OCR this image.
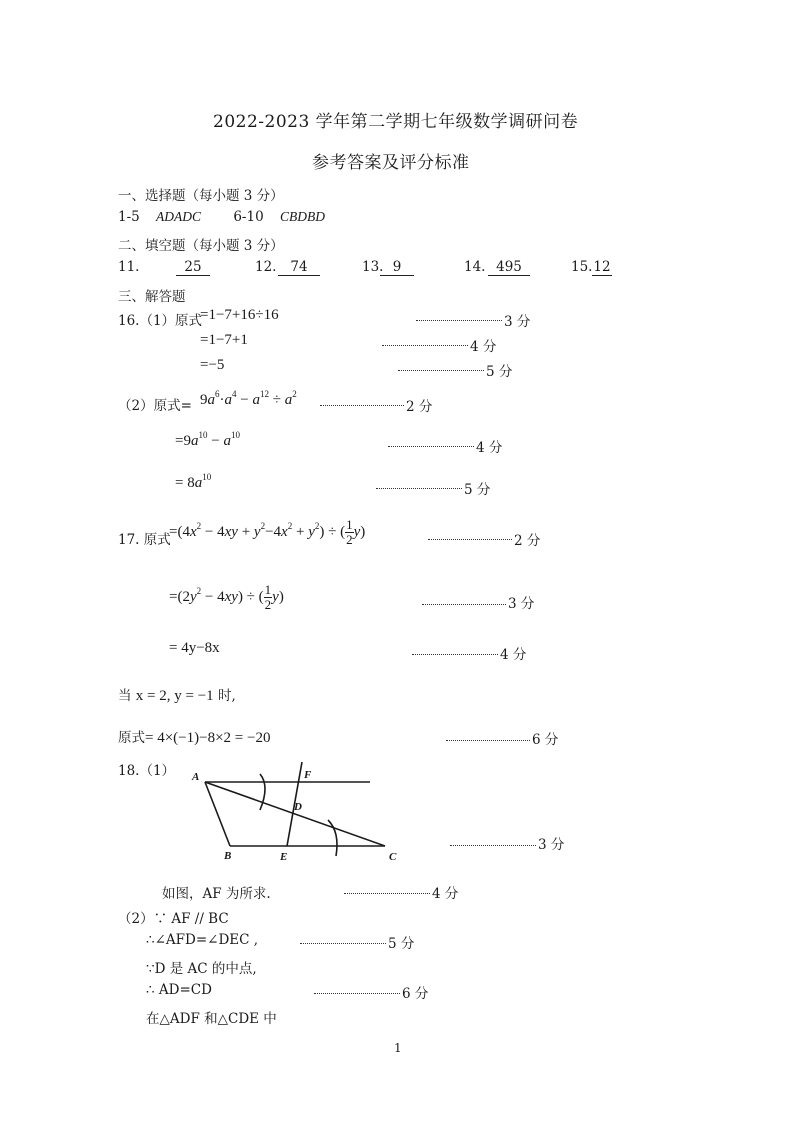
2022-2023 学年第二学期七年级数学调研问卷
参考答案及评分标准
一、选择题（每小题 3 分）
1-5 ADADC 6-10 CBDBD
二、填空题（每小题 3 分）
11.	25	12.	74	13. 9	14. 495	15. 12
三、解答题
16.（1）原式
=1−7+16÷16	3 分
=1−7+1	4 分
=−5	5 分
（2）原式= $9a^6\cdot a^4 - a^{12} \div a^2$
2 分
$=9a^{10} - a^{10}$
4 分
= $8a^{10}$
5 分
17. 原式
$=(4x^2 - 4xy + y^2-4x^2 + y^2)$ ÷ ( $\frac{1}{2} y$)
2 分
$=(2y^2 - 4xy)$ ÷ ( $\frac{1}{2} y$)	3 分
= 4y−8x	4 分
当 x = 2, y = −1 时,
原式= 4×(−1)−8×2 = −20	6 分
18.（1） A	F
D
B	E	C
3 分
如图，AF 为所求.	4 分
（2）∵ AF // BC
∴∠AFD=∠DEC ,	5 分
∵D 是 AC 的中点,
∴ AD=CD	6 分
在△ADF 和△CDE 中
1
